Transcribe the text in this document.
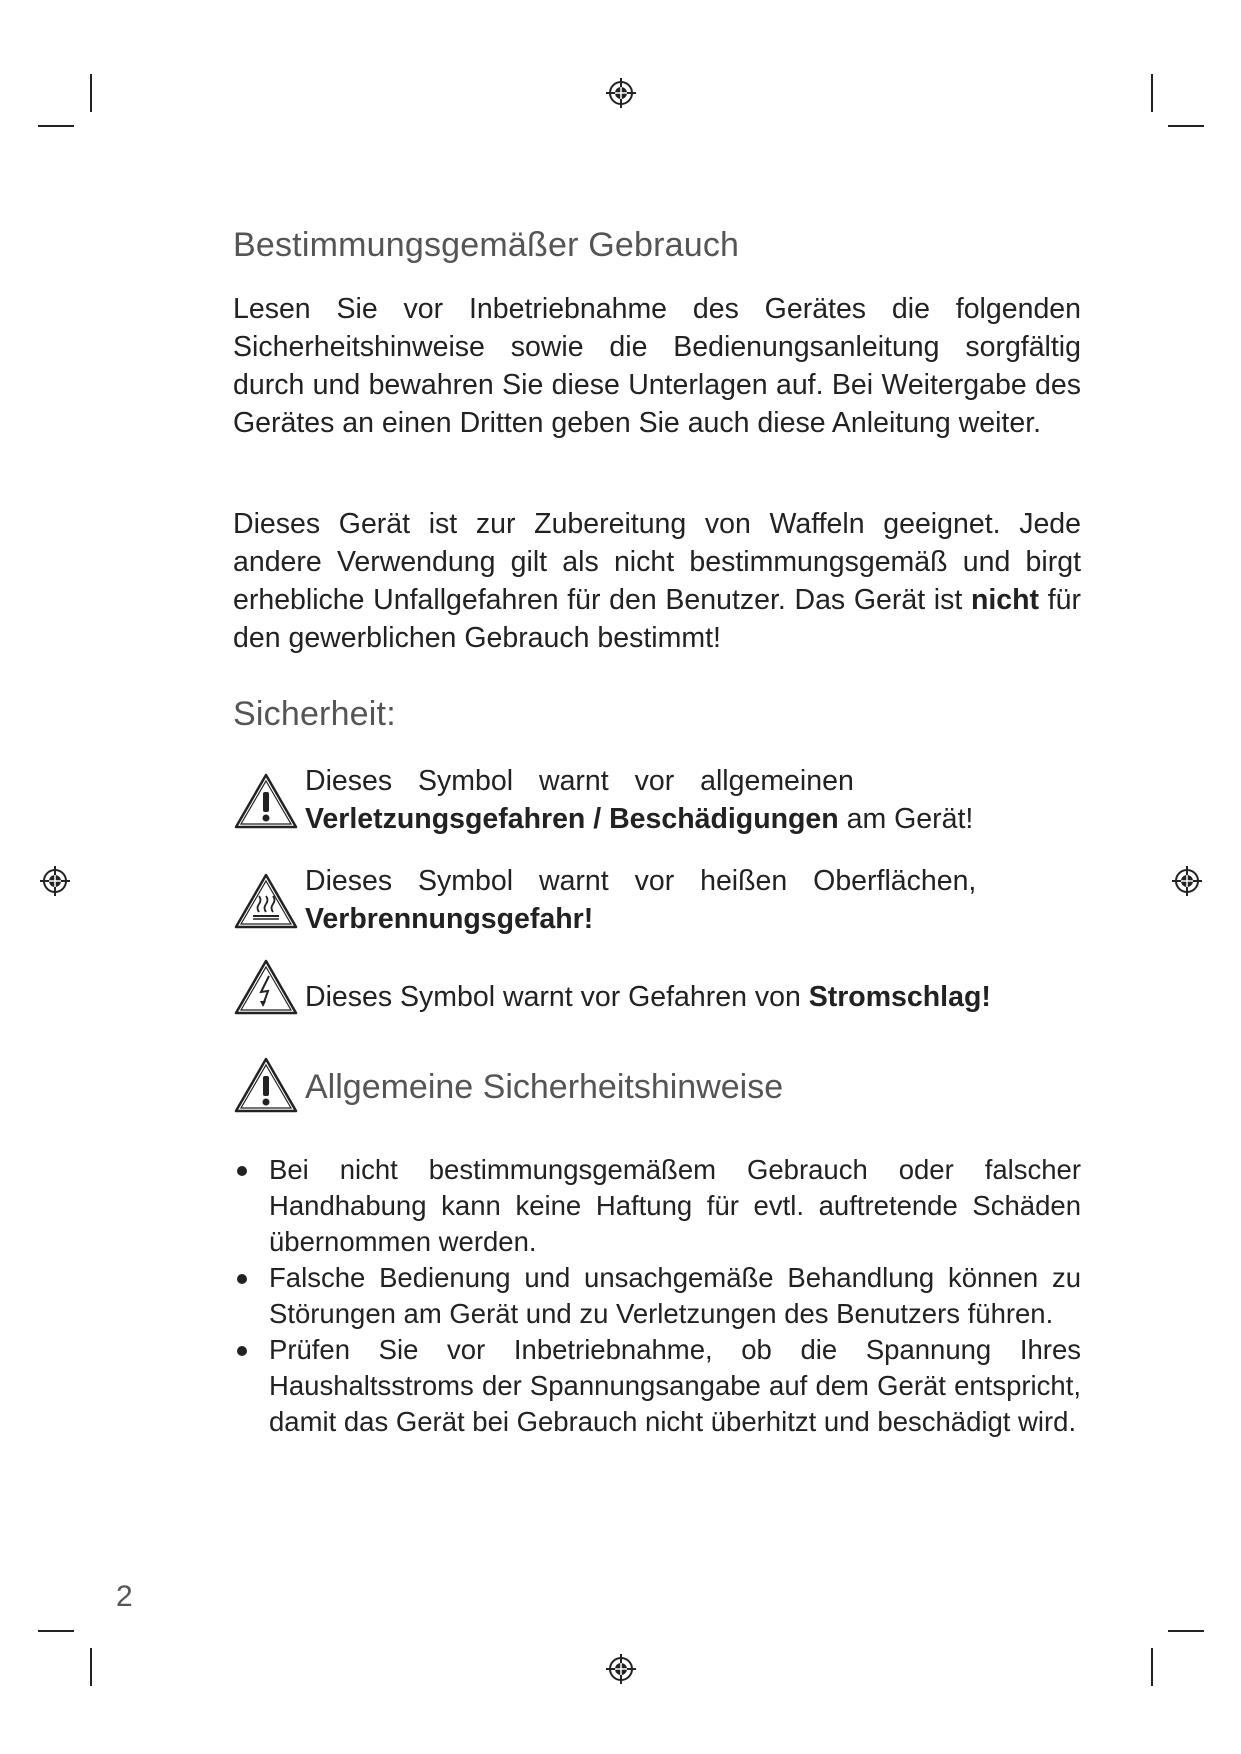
Bestimmungsgemäßer Gebrauch
Lesen Sie vor Inbetriebnahme des Gerätes die folgenden Sicherheitshinweise sowie die Bedienungsanleitung sorgfältig durch und bewahren Sie diese Unterlagen auf. Bei Weitergabe des Gerätes an einen Dritten geben Sie auch diese Anleitung weiter.
Dieses Gerät ist zur Zubereitung von Waffeln geeignet. Jede andere Verwendung gilt als nicht bestimmungsgemäß und birgt erhebliche Unfallgefahren für den Benutzer. Das Gerät ist nicht für den gewerblichen Gebrauch bestimmt!
Sicherheit:
Dieses Symbol warnt vor allgemeinen
Verletzungsgefahren / Beschädigungen am Gerät!
Dieses Symbol warnt vor heißen Oberflächen,
Verbrennungsgefahr!
Dieses Symbol warnt vor Gefahren von Stromschlag!
Allgemeine Sicherheitshinweise
Bei nicht bestimmungsgemäßem Gebrauch oder falscher Handhabung kann keine Haftung für evtl. auftretende Schäden übernommen werden.
Falsche Bedienung und unsachgemäße Behandlung können zu Störungen am Gerät und zu Verletzungen des Benutzers führen.
Prüfen Sie vor Inbetriebnahme, ob die Spannung Ihres Haushaltsstroms der Spannungsangabe auf dem Gerät entspricht, damit das Gerät bei Gebrauch nicht überhitzt und beschädigt wird.
2
